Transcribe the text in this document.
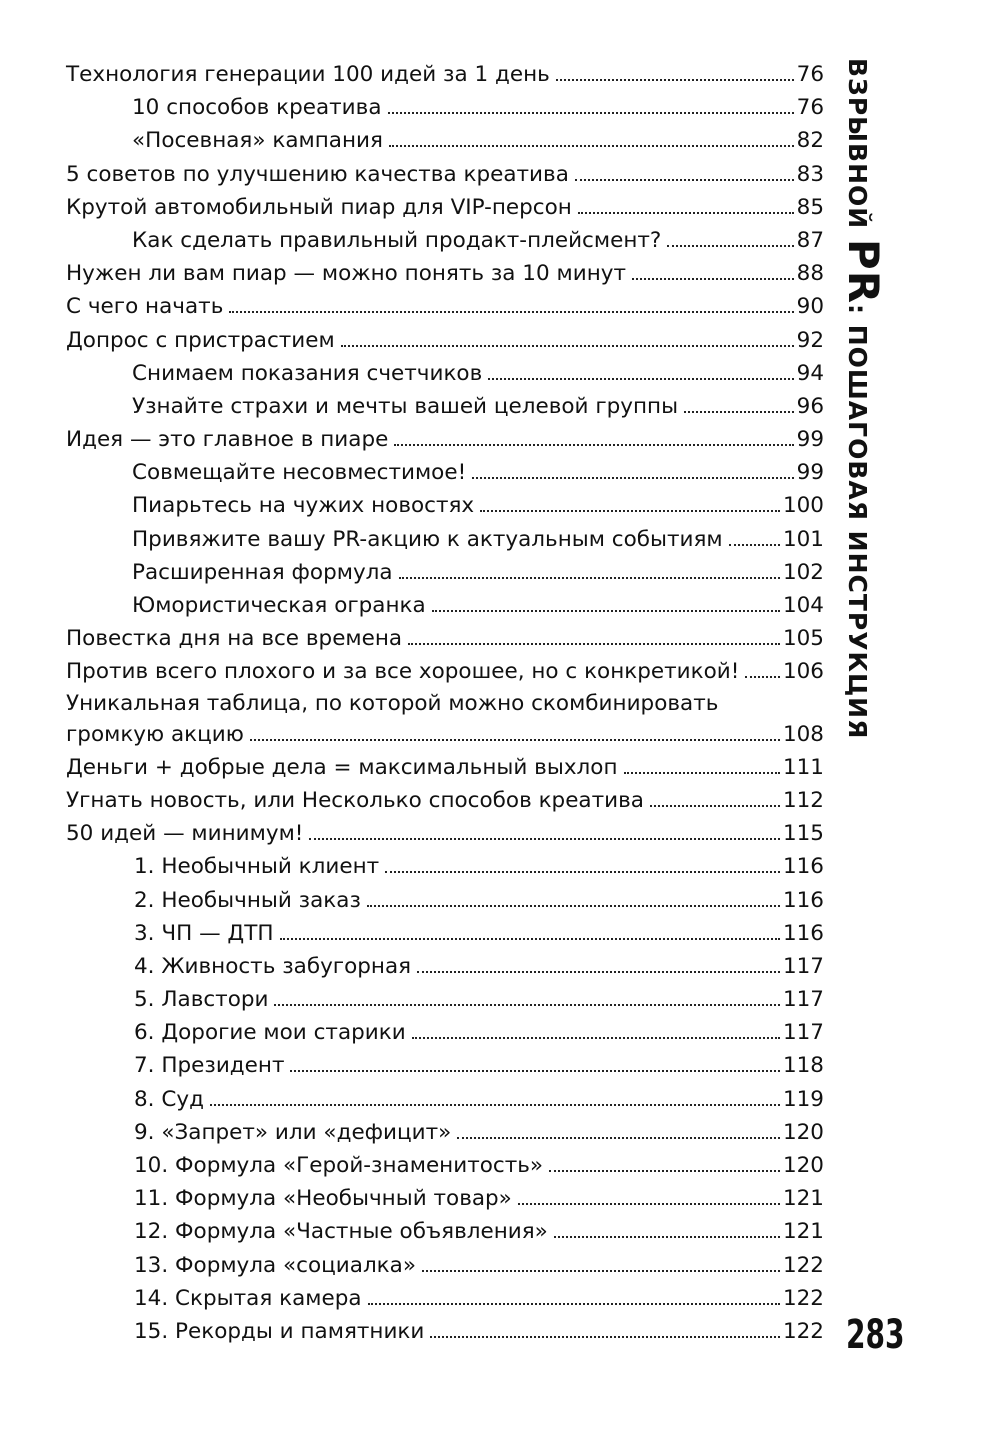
Технология генерации 100 идей за 1 день	76
10 способов креатива	76
«Посевная» кампания	82
5 советов по улучшению качества креатива	83
Крутой автомобильный пиар для VIP-персон	85
Как сделать правильный продакт-плейсмент?	87
Нужен ли вам пиар — можно понять за 10 минут	88
С чего начать	90
Допрос с пристрастием	92
Снимаем показания счетчиков	94
Узнайте страхи и мечты вашей целевой группы	96
Идея — это главное в пиаре	99
Совмещайте несовместимое!	99
Пиарьтесь на чужих новостях	100
Привяжите вашу PR-акцию к актуальным событиям	101
Расширенная формула	102
Юмористическая огранка	104
Повестка дня на все времена	105
Против всего плохого и за все хорошее, но с конкретикой! 106
Уникальная таблица, по которой можно скомбинировать
громкую акцию	108
Деньги + добрые дела = максимальный выхлоп	111
Угнать новость, или Несколько способов креатива	112
50 идей — минимум!	115
1. Необычный клиент	116
2. Необычный заказ	116
3. ЧП — ДТП	116
4. Живность забугорная	117
5. Лавстори	117
6. Дорогие мои старики	117
7. Президент	118
8. Суд	119
9. «Запрет» или «дефицит»	120
10. Формула «Герой-знаменитость»	120
11. Формула «Необычный товар»	121
12. Формула «Частные объявления»	121
13. Формула «социалка»	122
14. Скрытая камера	122
15. Рекорды и памятники	122
ВЗРЫВНОЙ PR: ПОШАГОВАЯ ИНСТРУКЦИЯ
283
